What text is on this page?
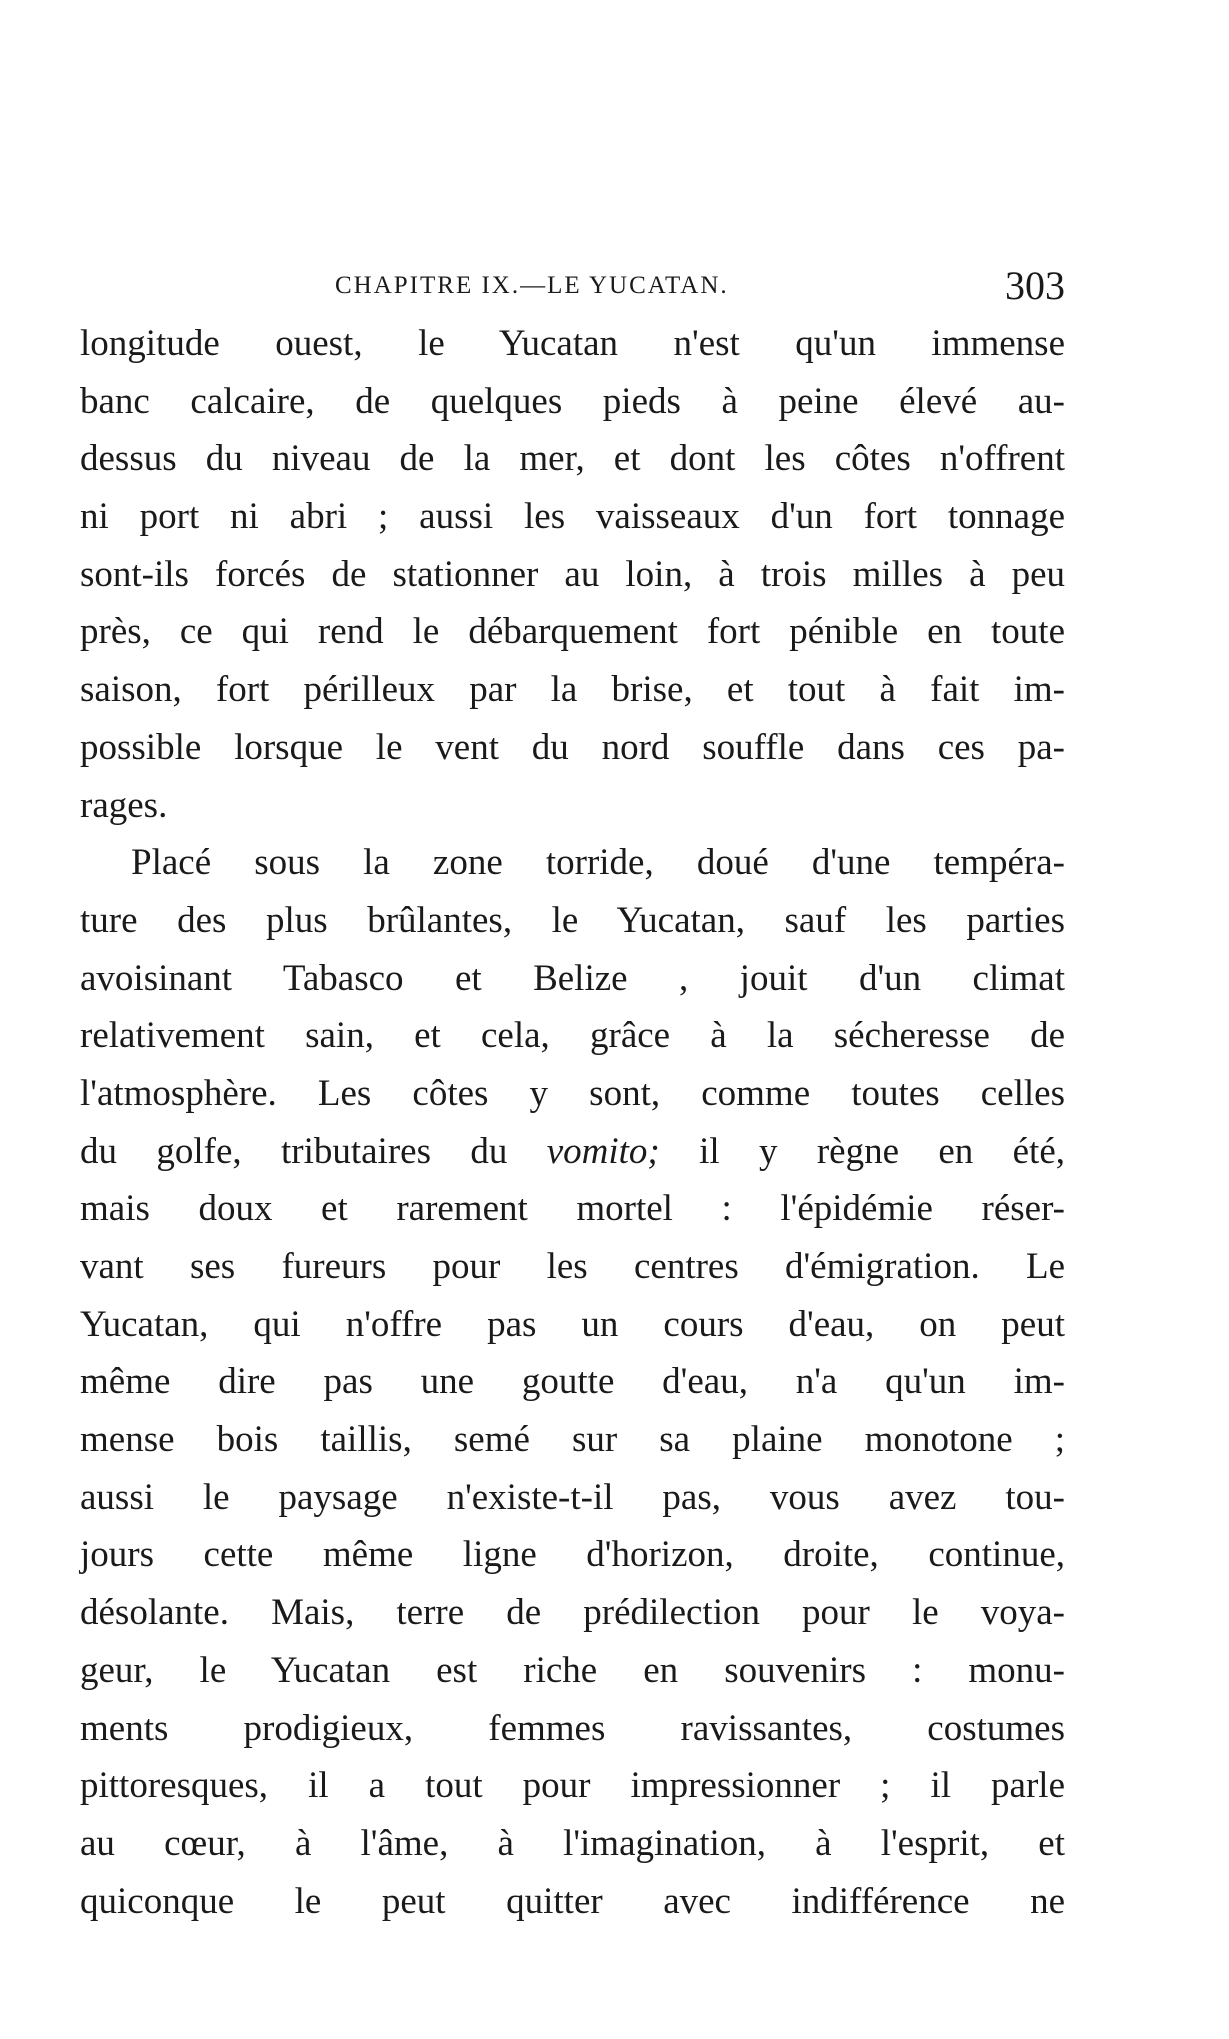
CHAPITRE IX.—LE YUCATAN.	303
longitude ouest, le Yucatan n'est qu'un immense
banc calcaire, de quelques pieds à peine élevé au-
dessus du niveau de la mer, et dont les côtes n'offrent
ni port ni abri ; aussi les vaisseaux d'un fort tonnage
sont-ils forcés de stationner au loin, à trois milles à peu
près, ce qui rend le débarquement fort pénible en toute
saison, fort périlleux par la brise, et tout à fait im-
possible lorsque le vent du nord souffle dans ces pa-
rages.
Placé sous la zone torride, doué d'une tempéra-
ture des plus brûlantes, le Yucatan, sauf les parties
avoisinant Tabasco et Belize , jouit d'un climat
relativement sain, et cela, grâce à la sécheresse de
l'atmosphère. Les côtes y sont, comme toutes celles
du golfe, tributaires du vomito; il y règne en été,
mais doux et rarement mortel : l'épidémie réser-
vant ses fureurs pour les centres d'émigration. Le
Yucatan, qui n'offre pas un cours d'eau, on peut
même dire pas une goutte d'eau, n'a qu'un im-
mense bois taillis, semé sur sa plaine monotone ;
aussi le paysage n'existe-t-il pas, vous avez tou-
jours cette même ligne d'horizon, droite, continue,
désolante. Mais, terre de prédilection pour le voya-
geur, le Yucatan est riche en souvenirs : monu-
ments prodigieux, femmes ravissantes, costumes
pittoresques, il a tout pour impressionner ; il parle
au cœur, à l'âme, à l'imagination, à l'esprit, et
quiconque le peut quitter avec indifférence ne
